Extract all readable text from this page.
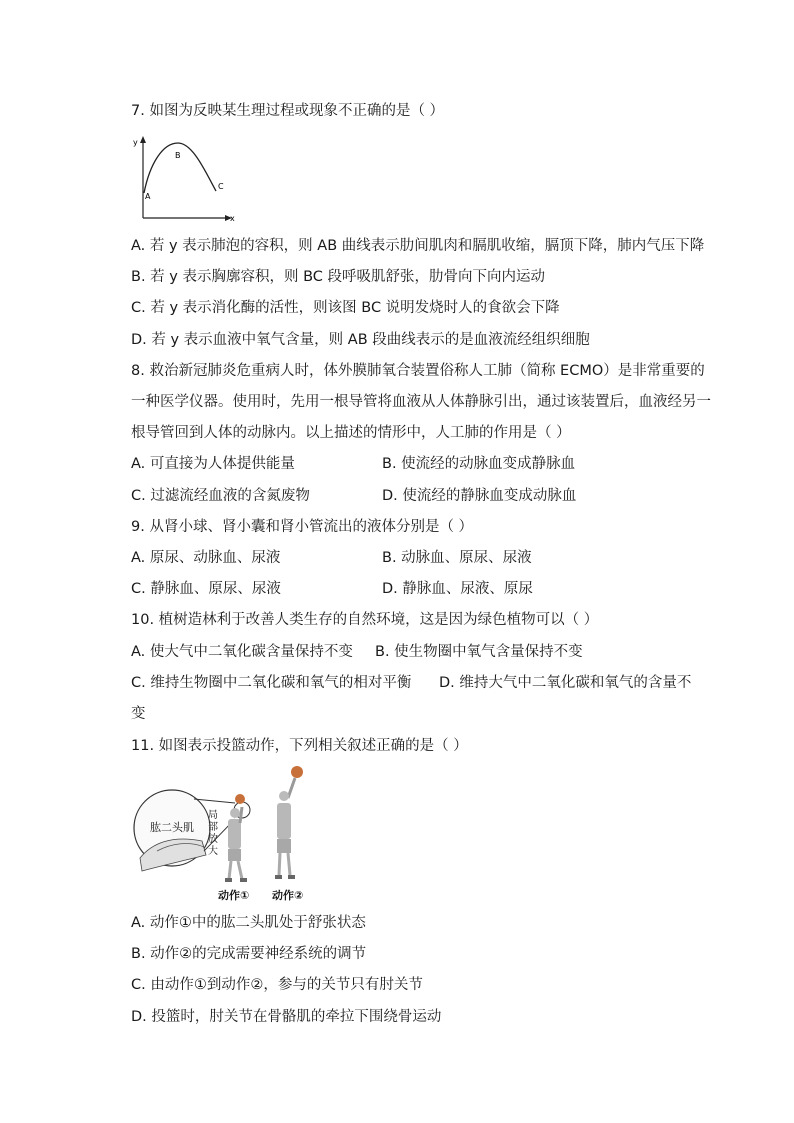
7. 如图为反映某生理过程或现象不正确的是（ ）
y
x
A
B
C
A. 若 y 表示肺泡的容积，则 AB 曲线表示肋间肌肉和膈肌收缩，膈顶下降，肺内气压下降
B. 若 y 表示胸廓容积，则 BC 段呼吸肌舒张，肋骨向下向内运动
C. 若 y 表示消化酶的活性，则该图 BC 说明发烧时人的食欲会下降
D. 若 y 表示血液中氧气含量，则 AB 段曲线表示的是血液流经组织细胞
8. 救治新冠肺炎危重病人时，体外膜肺氧合装置俗称人工肺（简称 ECMO）是非常重要的
一种医学仪器。使用时，先用一根导管将血液从人体静脉引出，通过该装置后，血液经另一
根导管回到人体的动脉内。以上描述的情形中，人工肺的作用是（ ）
A. 可直接为人体提供能量	B. 使流经的动脉血变成静脉血
C. 过滤流经血液的含氮废物	D. 使流经的静脉血变成动脉血
9. 从肾小球、肾小囊和肾小管流出的液体分别是（ ）
A. 原尿、动脉血、尿液	B. 动脉血、原尿、尿液
C. 静脉血、原尿、尿液	D. 静脉血、尿液、原尿
10. 植树造林利于改善人类生存的自然环境，这是因为绿色植物可以（ ）
A. 使大气中二氧化碳含量保持不变 B. 使生物圈中氧气含量保持不变
C. 维持生物圈中二氧化碳和氧气的相对平衡 D. 维持大气中二氧化碳和氧气的含量不
变
11. 如图表示投篮动作，下列相关叙述正确的是（ ）
肱二头肌
局
部
放
大
动作① 动作②
A. 动作①中的肱二头肌处于舒张状态
B. 动作②的完成需要神经系统的调节
C. 由动作①到动作②，参与的关节只有肘关节
D. 投篮时，肘关节在骨骼肌的牵拉下围绕骨运动
